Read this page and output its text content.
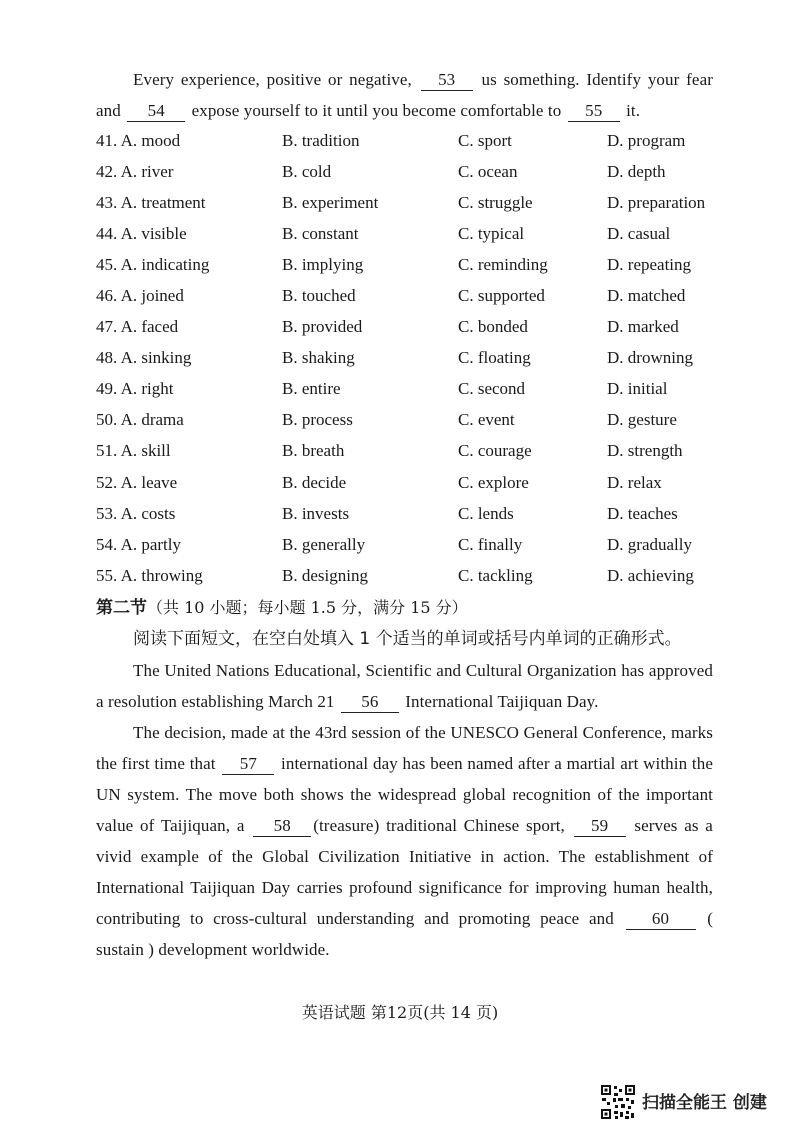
Every experience, positive or negative, 53 us something. Identify your fear and 54 expose yourself to it until you become comfortable to 55 it.

41. A. mood	B. tradition	C. sport	D. program
42. A. river	B. cold	C. ocean	D. depth
43. A. treatment	B. experiment	C. struggle	D. preparation
44. A. visible	B. constant	C. typical	D. casual
45. A. indicating	B. implying	C. reminding	D. repeating
46. A. joined	B. touched	C. supported	D. matched
47. A. faced	B. provided	C. bonded	D. marked
48. A. sinking	B. shaking	C. floating	D. drowning
49. A. right	B. entire	C. second	D. initial
50. A. drama	B. process	C. event	D. gesture
51. A. skill	B. breath	C. courage	D. strength
52. A. leave	B. decide	C. explore	D. relax
53. A. costs	B. invests	C. lends	D. teaches
54. A. partly	B. generally	C. finally	D. gradually
55. A. throwing	B. designing	C. tackling	D. achieving
第二节（共 10 小题；每小题 1.5 分，满分 15 分）
阅读下面短文，在空白处填入 1 个适当的单词或括号内单词的正确形式。

The United Nations Educational, Scientific and Cultural Organization has approved a resolution establishing March 21 56 International Taijiquan Day.

The decision, made at the 43rd session of the UNESCO General Conference, marks the first time that 57 international day has been named after a martial art within the UN system. The move both shows the widespread global recognition of the important value of Taijiquan, a 58 (treasure) traditional Chinese sport, 59 serves as a vivid example of the Global Civilization Initiative in action. The establishment of International Taijiquan Day carries profound significance for improving human health, contributing to cross-cultural understanding and promoting peace and 60 ( sustain ) development worldwide.

英语试题 第12页(共 14 页)
扫描全能王 创建
